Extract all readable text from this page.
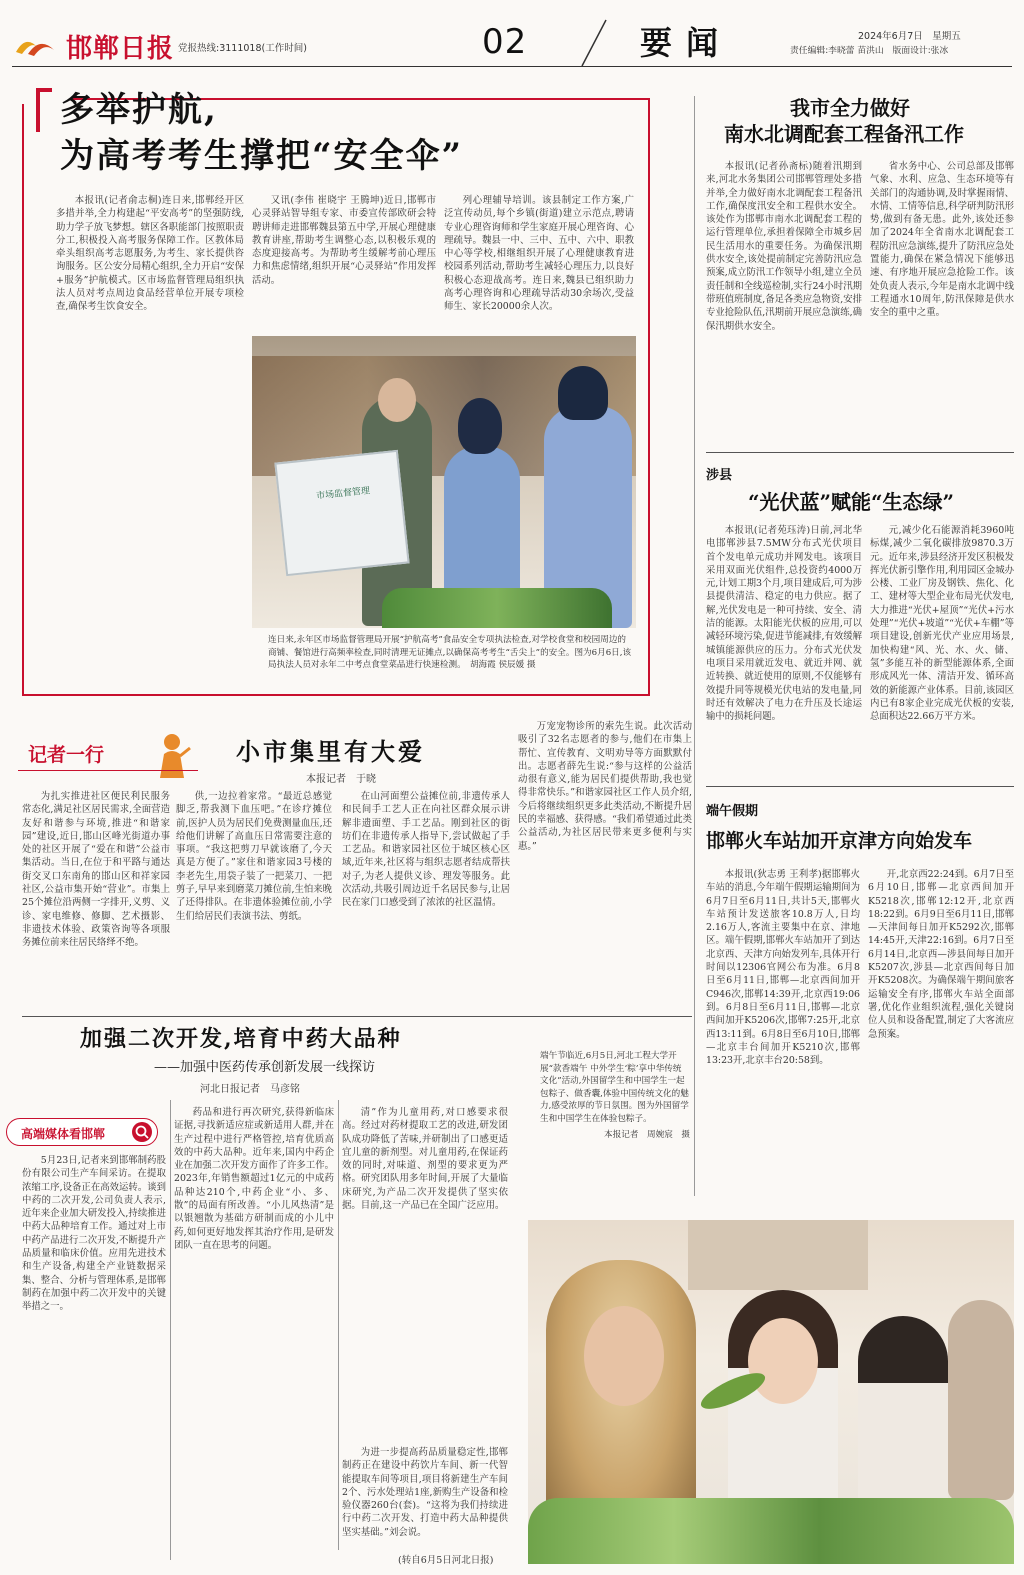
邯郸日报 党报热线:3111018(工作时间)	02	要闻	2024年6月7日　星期五
责任编辑:李晓蕾 苗洪山　版面设计:张冰
多举护航,
为高考考生撑把“安全伞”

本报讯(记者俞志桐)连日来,邯郸经开区多措并举,全力构建起“平安高考”的坚强防线,助力学子放飞梦想。辖区各职能部门按照职责分工,积极投入高考服务保障工作。区教体局牵头组织高考志愿服务,为考生、家长提供咨询服务。区公安分局精心组织,全力开启“安保+服务”护航模式。区市场监督管理局组织执法人员对考点周边食品经营单位开展专项检查,确保考生饮食安全。

又讯(李伟 崔晓宇 王腾坤)近日,邯郸市心灵驿站智导组专家、市委宣传部欧研会特聘讲师走进邯郸魏县第五中学,开展心理健康教育讲座,帮助考生调整心态,以积极乐观的态度迎接高考。为帮助考生缓解考前心理压力和焦虑情绪,组织开展“心灵驿站”作用发挥活动。

列心理辅导培训。该县制定工作方案,广泛宣传动员,每个乡镇(街道)建立示范点,聘请专业心理咨询师和学生家庭开展心理咨询、心理疏导。魏县一中、三中、五中、六中、职教中心等学校,相继组织开展了心理健康教育进校园系列活动,帮助考生减轻心理压力,以良好积极心态迎战高考。连日来,魏县已组织助力高考心理咨询和心理疏导活动30余场次,受益师生、家长20000余人次。

市场监督管理
连日来,永年区市场监督管理局开展“护航高考”食品安全专项执法检查,对学校食堂和校园周边的商铺、餐馆进行高频率检查,同时清理无证摊点,以确保高考考生“舌尖上”的安全。图为6月6日,该局执法人员对永年二中考点食堂菜品进行快速检测。　胡海霞 侯辰媛 摄
我市全力做好
南水北调配套工程备汛工作

本报讯(记者孙斋标)随着汛期到来,河北水务集团公司邯郸管理处多措并举,全力做好南水北调配套工程备汛工作,确保度汛安全和工程供水安全。该处作为邯郸市南水北调配套工程的运行管理单位,承担着保障全市城乡居民生活用水的重要任务。为确保汛期供水安全,该处提前制定完善防汛应急预案,成立防汛工作领导小组,建立全员责任制和全线巡检制,实行24小时汛期带班值班制度,备足各类应急物资,安排专业抢险队伍,汛期前开展应急演练,确保汛期供水安全。

省水务中心、公司总部及邯郸气象、水利、应急、生态环境等有关部门的沟通协调,及时掌握雨情、水情、工情等信息,科学研判防汛形势,做到有备无患。此外,该处还参加了2024年全省南水北调配套工程防汛应急演练,提升了防汛应急处置能力,确保在紧急情况下能够迅速、有序地开展应急抢险工作。该处负责人表示,今年是南水北调中线工程通水10周年,防汛保障是供水安全的重中之重。

涉县
“光伏蓝”赋能“生态绿”

本报讯(记者苑珏涛)日前,河北华电邯郸涉县7.5MW分布式光伏项目首个发电单元成功并网发电。该项目采用双面光伏组件,总投资约4000万元,计划工期3个月,项目建成后,可为涉县提供清洁、稳定的电力供应。据了解,光伏发电是一种可持续、安全、清洁的能源。太阳能光伏板的应用,可以减轻环境污染,促进节能减排,有效缓解城镇能源供应的压力。分布式光伏发电项目采用就近发电、就近并网、就近转换、就近使用的原则,不仅能够有效提升同等规模光伏电站的发电量,同时还有效解决了电力在升压及长途运输中的损耗问题。

元,减少化石能源消耗3960吨标煤,减少二氧化碳排放9870.3万元。近年来,涉县经济开发区积极发挥光伏新引擎作用,利用园区金城办公楼、工业厂房及钢铁、焦化、化工、建材等大型企业布局光伏发电,大力推进“光伏+屋顶”“光伏+污水处理”“光伏+坡道”“光伏+车棚”等项目建设,创新光伏产业应用场景,加快构建“风、光、水、火、储、氢”多能互补的新型能源体系,全面形成风光一体、清洁开发、循环高效的新能源产业体系。目前,该园区内已有8家企业完成光伏板的安装,总面积达22.66万平方米。

端午假期
邯郸火车站加开京津方向始发车

本报讯(狄志勇 王利孝)据邯郸火车站的消息,今年端午假期运输期间为6月7日至6月11日,共计5天,邯郸火车站预计发送旅客10.8万人,日均2.16万人,客流主要集中在京、津地区。端午假期,邯郸火车站加开了到达北京西、天津方向始发列车,具体开行时间以12306官网公布为准。6月8日至6月11日,邯郸—北京西间加开C946次,邯郸14:39开,北京西19:06到。6月8日至6月11日,邯郸—北京西间加开K5206次,邯郸7:25开,北京西13:11到。6月8日至6月10日,邯郸—北京丰台间加开K5210次,邯郸13:23开,北京丰台20:58到。

开,北京西22:24到。6月7日至6月10日,邯郸—北京西间加开K5218次,邯郸12:12开,北京西18:22到。6月9日至6月11日,邯郸—天津间每日加开K5292次,邯郸14:45开,天津22:16到。6月7日至6月14日,北京西—涉县间每日加开K5207次,涉县—北京西间每日加开K5208次。为确保端午期间旅客运输安全有序,邯郸火车站全面部署,优化作业组织流程,强化关键岗位人员和设备配置,制定了大客流应急预案。

记者一行	小市集里有大爱
本报记者　于晓

为扎实推进社区便民利民服务常态化,满足社区居民需求,全面营造友好和谐参与环境,推进“和谐家园”建设,近日,邯山区峰光街道办事处的社区开展了“爱在和谐”公益市集活动。当日,在位于和平路与通达街交叉口东南角的邯山区和祥家园社区,公益市集开始“营业”。市集上25个摊位沿两侧一字排开,义剪、义诊、家电维修、修脚、艺术摄影、非遗技术体验、政策咨询等各项服务摊位前来往居民络绎不绝。

供,一边拉着家常。“最近总感觉脚乏,帮我测下血压吧。”在诊疗摊位前,医护人员为居民们免费测量血压,还给他们讲解了高血压日常需要注意的事项。“我这把剪刀早就该磨了,今天真是方便了。”家住和谐家园3号楼的李老先生,用袋子装了一把菜刀、一把剪子,早早来到磨菜刀摊位前,生怕来晚了还得排队。在非遗体验摊位前,小学生们给居民们表演书法、剪纸。

在山河面塑公益摊位前,非遗传承人和民间手工艺人正在向社区群众展示讲解非遗面塑、手工艺品。刚到社区的街坊们在非遗传承人指导下,尝试做起了手工艺品。和谐家园社区位于城区核心区域,近年来,社区将与组织志愿者结成帮扶对子,为老人提供义诊、理发等服务。此次活动,共吸引周边近千名居民参与,让居民在家门口感受到了浓浓的社区温情。

万宠宠物诊所的索先生说。此次活动吸引了32名志愿者的参与,他们在市集上帮忙、宣传教育、文明劝导等方面默默付出。志愿者薛先生说:“参与这样的公益活动很有意义,能为居民们提供帮助,我也觉得非常快乐。”和谐家园社区工作人员介绍,今后将继续组织更多此类活动,不断提升居民的幸福感、获得感。“我们希望通过此类公益活动,为社区居民带来更多便利与实惠。”

加强二次开发,培育中药大品种
——加强中医药传承创新发展一线探访
河北日报记者　马彦铭
高端媒体看邯郸

5月23日,记者来到邯郸制药股份有限公司生产车间采访。在提取浓缩工序,设备正在高效运转。谈到中药的二次开发,公司负责人表示,近年来企业加大研发投入,持续推进中药大品种培育工作。通过对上市中药产品进行二次开发,不断提升产品质量和临床价值。应用先进技术和生产设备,构建全产业链数据采集、整合、分析与管理体系,是邯郸制药在加强中药二次开发中的关键举措之一。

药品和进行再次研究,获得新临床证据,寻找新适应症或新适用人群,并在生产过程中进行严格管控,培育优质高效的中药大品种。近年来,国内中药企业在加强二次开发方面作了许多工作。2023年,年销售额超过1亿元的中成药品种达210个,中药企业“小、多、散”的局面有所改善。“小儿风热清”是以银翘散为基础方研制而成的小儿中药,如何更好地发挥其治疗作用,是研发团队一直在思考的问题。

清”作为儿童用药,对口感要求很高。经过对药材提取工艺的改进,研发团队成功降低了苦味,并研制出了口感更适宜儿童的新剂型。对儿童用药,在保证药效的同时,对味道、剂型的要求更为严格。研究团队用多年时间,开展了大量临床研究,为产品二次开发提供了坚实依据。目前,这一产品已在全国广泛应用。

为进一步提高药品质量稳定性,邯郸制药正在建设中药饮片车间、新一代智能提取车间等项目,项目将新建生产车间2个、污水处理站1座,新购生产设备和检验仪器260台(套)。“这将为我们持续进行中药二次开发、打造中药大品种提供坚实基础。”刘会说。

(转自6月5日河北日报)
端午节临近,6月5日,河北工程大学开展“款香端午 中外学生‘粽’享中华传统文化”活动,外国留学生和中国学生一起包粽子、做香囊,体验中国传统文化的魅力,感受浓厚的节日氛围。图为外国留学生和中国学生在体验包粽子。
本报记者　周婉宸　摄
